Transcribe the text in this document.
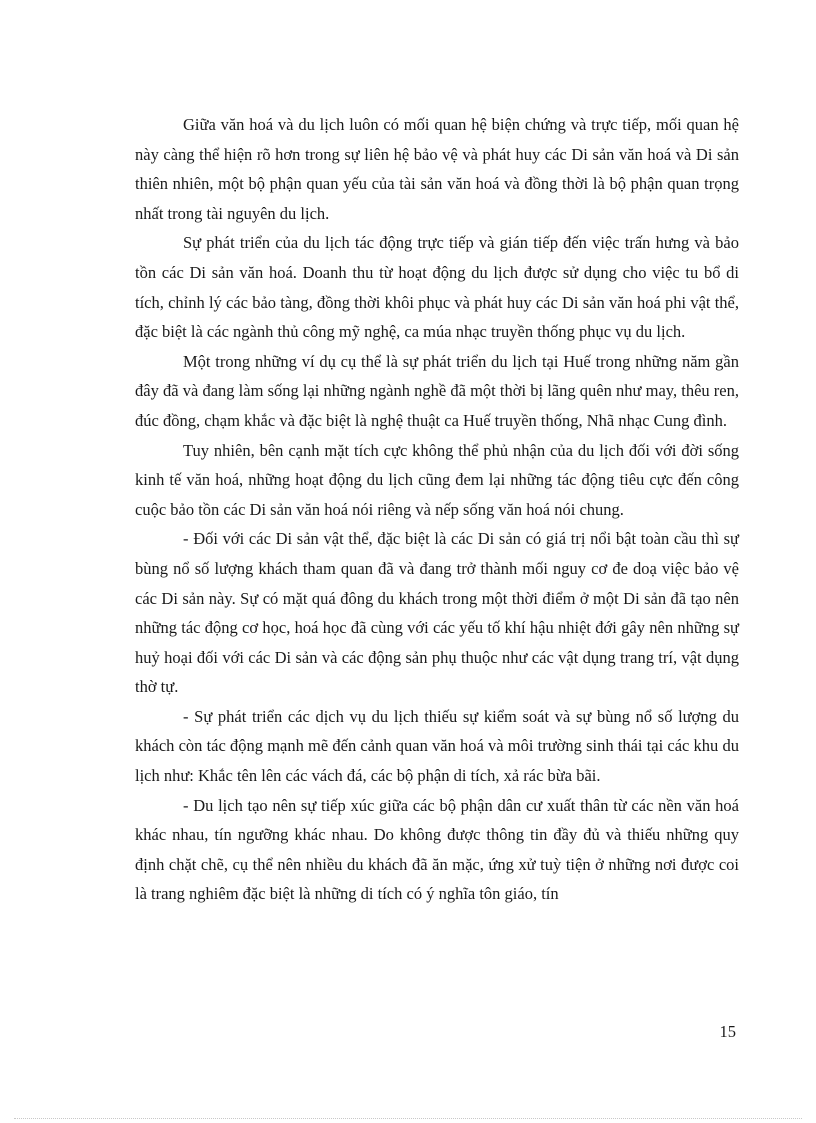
Giữa văn hoá và du lịch luôn có mối quan hệ biện chứng và trực tiếp, mối quan hệ này càng thể hiện rõ hơn trong sự liên hệ bảo vệ và phát huy các Di sản văn hoá và Di sản thiên nhiên, một bộ phận quan yếu của tài sản văn hoá và đồng thời là bộ phận quan trọng nhất trong tài nguyên du lịch.

Sự phát triển của du lịch tác động trực tiếp và gián tiếp đến việc trấn hưng và bảo tồn các Di sản văn hoá. Doanh thu từ hoạt động du lịch được sử dụng cho việc tu bổ di tích, chỉnh lý các bảo tàng, đồng thời khôi phục và phát huy các Di sản văn hoá phi vật thể, đặc biệt là các ngành thủ công mỹ nghệ, ca múa nhạc truyền thống phục vụ du lịch.

Một trong những ví dụ cụ thể là sự phát triển du lịch tại Huế trong những năm gần đây đã và đang làm sống lại những ngành nghề đã một thời bị lãng quên như may, thêu ren, đúc đồng, chạm khắc và đặc biệt là nghệ thuật ca Huế truyền thống, Nhã nhạc Cung đình.

Tuy nhiên, bên cạnh mặt tích cực không thể phủ nhận của du lịch đối với đời sống kinh tế văn hoá, những hoạt động du lịch cũng đem lại những tác động tiêu cực đến công cuộc bảo tồn các Di sản văn hoá nói riêng và nếp sống văn hoá nói chung.

- Đối với các Di sản vật thể, đặc biệt là các Di sản có giá trị nổi bật toàn cầu thì sự bùng nổ số lượng khách tham quan đã và đang trở thành mối nguy cơ đe doạ việc bảo vệ các Di sản này. Sự có mặt quá đông du khách trong một thời điểm ở một Di sản đã tạo nên những tác động cơ học, hoá học đã cùng với các yếu tố khí hậu nhiệt đới gây nên những sự huỷ hoại đối với các Di sản và các động sản phụ thuộc như các vật dụng trang trí, vật dụng thờ tự.

- Sự phát triển các dịch vụ du lịch thiếu sự kiểm soát và sự bùng nổ số lượng du khách còn tác động mạnh mẽ đến cảnh quan văn hoá và môi trường sinh thái tại các khu du lịch như: Khắc tên lên các vách đá, các bộ phận di tích, xả rác bừa bãi.

- Du lịch tạo nên sự tiếp xúc giữa các bộ phận dân cư xuất thân từ các nền văn hoá khác nhau, tín ngưỡng khác nhau. Do không được thông tin đầy đủ và thiếu những quy định chặt chẽ, cụ thể nên nhiều du khách đã ăn mặc, ứng xử tuỳ tiện ở những nơi được coi là trang nghiêm đặc biệt là những di tích có ý nghĩa tôn giáo, tín

15
